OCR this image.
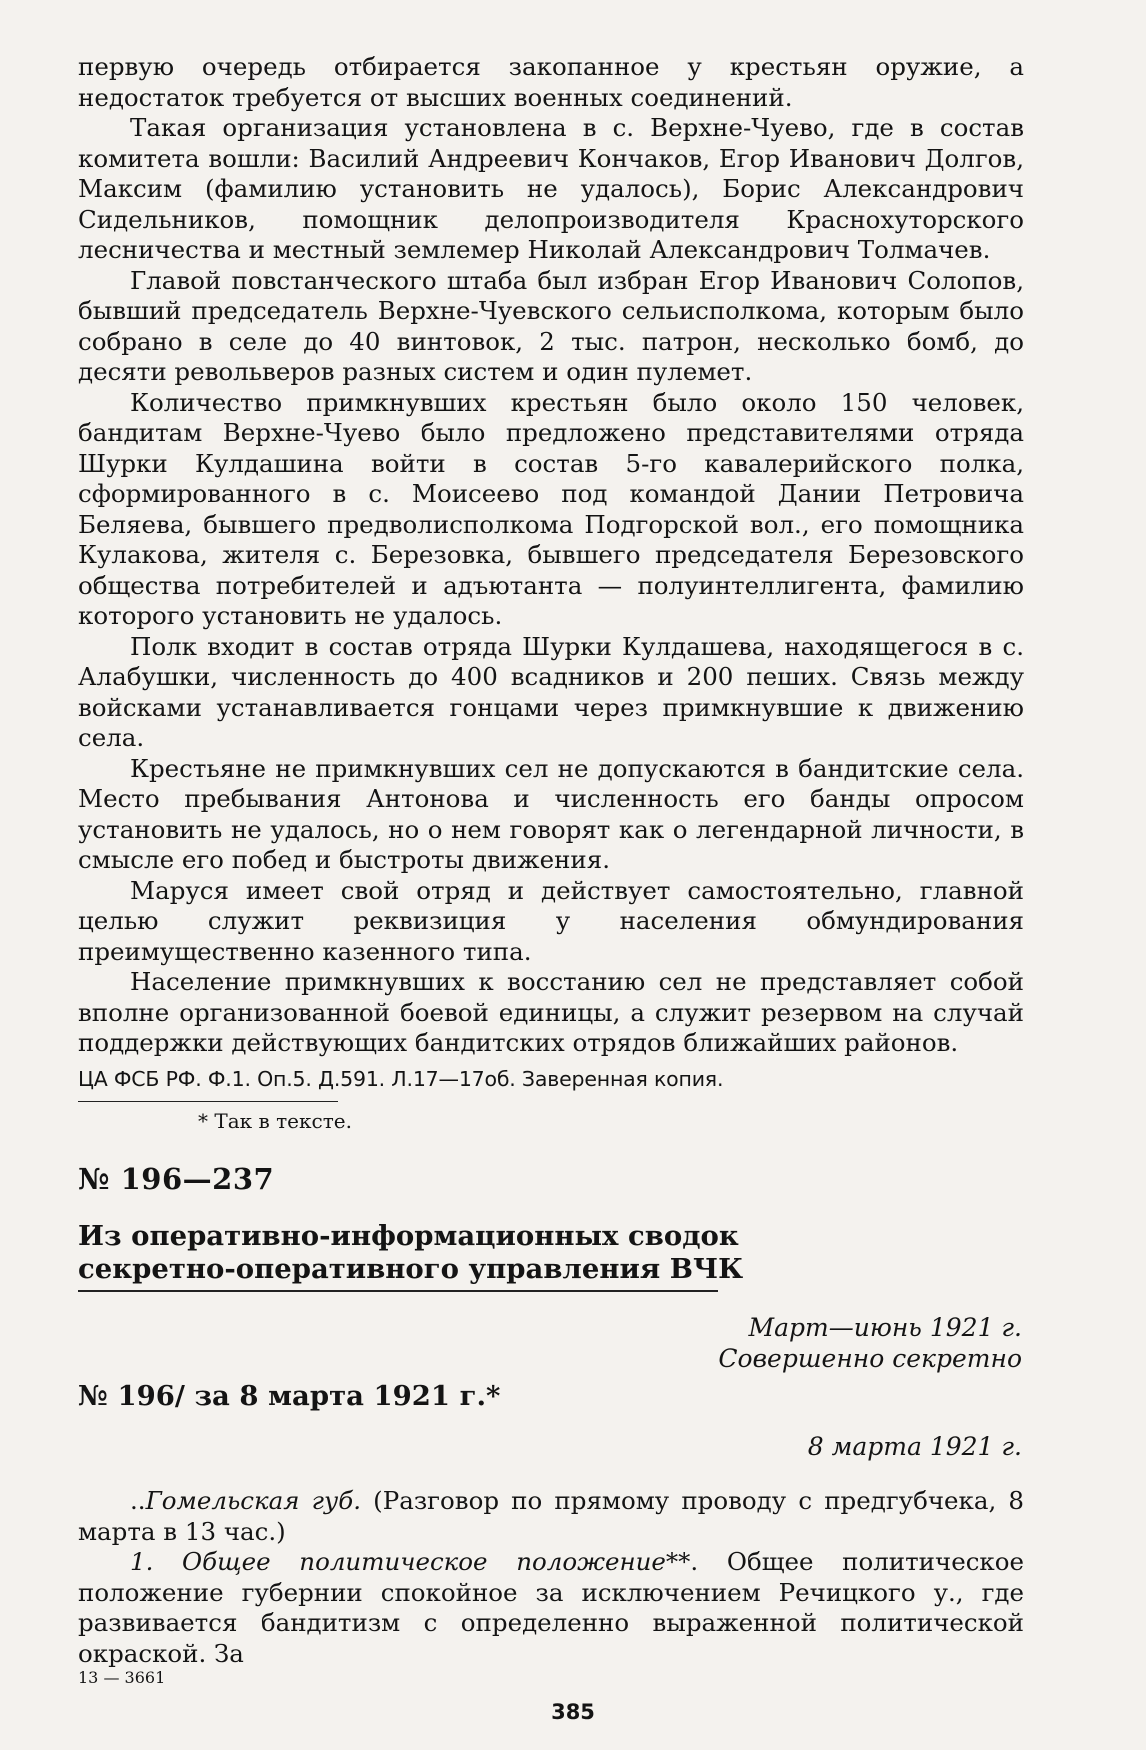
первую очередь отбирается закопанное у крестьян оружие, а недостаток требуется от высших военных соединений.

Такая организация установлена в с. Верхне-Чуево, где в состав комитета вошли: Василий Андреевич Кончаков, Егор Иванович Долгов, Максим (фамилию установить не удалось), Борис Александрович Сидельников, помощник делопроизводителя Краснохуторского лесничества и местный землемер Николай Александрович Толмачев.

Главой повстанческого штаба был избран Егор Иванович Солопов, бывший председатель Верхне-Чуевского сельисполкома, которым было собрано в селе до 40 винтовок, 2 тыс. патрон, несколько бомб, до десяти револьверов разных систем и один пулемет.

Количество примкнувших крестьян было около 150 человек, бандитам Верхне-Чуево было предложено представителями отряда Шурки Кулдашина войти в состав 5-го кавалерийского полка, сформированного в с. Моисеево под командой Дании Петровича Беляева, бывшего предволисполкома Подгорской вол., его помощника Кулакова, жителя с. Березовка, бывшего председателя Березовского общества потребителей и адъютанта — полуинтеллигента, фамилию которого установить не удалось.

Полк входит в состав отряда Шурки Кулдашева, находящегося в с. Алабушки, численность до 400 всадников и 200 пеших. Связь между войсками устанавливается гонцами через примкнувшие к движению села.

Крестьяне не примкнувших сел не допускаются в бандитские села. Место пребывания Антонова и численность его банды опросом установить не удалось, но о нем говорят как о легендарной личности, в смысле его побед и быстроты движения.

Маруся имеет свой отряд и действует самостоятельно, главной целью служит реквизиция у населения обмундирования преимущественно казенного типа.

Население примкнувших к восстанию сел не представляет собой вполне организованной боевой единицы, а служит резервом на случай поддержки действующих бандитских отрядов ближайших районов.

ЦА ФСБ РФ. Ф.1. Оп.5. Д.591. Л.17—17об. Заверенная копия.

* Так в тексте.

№ 196—237
Из оперативно-информационных сводок
секретно-оперативного управления ВЧК
Март—июнь 1921 г.
Совершенно секретно
№ 196/ за 8 марта 1921 г.*
8 марта 1921 г.

..Гомельская губ. (Разговор по прямому проводу с предгубчека, 8 марта в 13 час.)

1. Общее политическое положение**. Общее политическое положение губернии спокойное за исключением Речицкого у., где развивается бандитизм с определенно выраженной политической окраской. За

13 — 3661
385
